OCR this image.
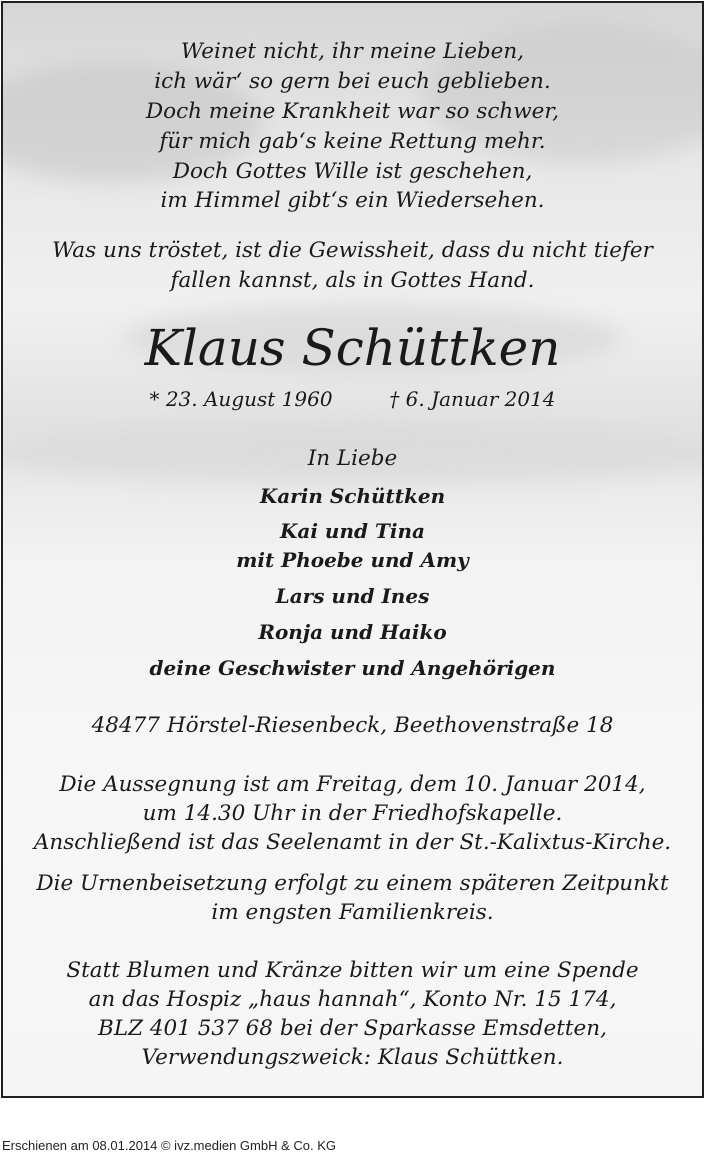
Weinet nicht, ihr meine Lieben,
ich wär‘ so gern bei euch geblieben.
Doch meine Krankheit war so schwer,
für mich gab‘s keine Rettung mehr.
Doch Gottes Wille ist geschehen,
im Himmel gibt‘s ein Wiedersehen.
Was uns tröstet, ist die Gewissheit, dass du nicht tiefer
fallen kannst, als in Gottes Hand.
Klaus Schüttken
* 23. August 1960	† 6. Januar 2014
In Liebe
Karin Schüttken
Kai und Tina
mit Phoebe und Amy
Lars und Ines
Ronja und Haiko
deine Geschwister und Angehörigen
48477 Hörstel-Riesenbeck, Beethovenstraße 18
Die Aussegnung ist am Freitag, dem 10. Januar 2014,
um 14.30 Uhr in der Friedhofskapelle.
Anschließend ist das Seelenamt in der St.-Kalixtus-Kirche.
Die Urnenbeisetzung erfolgt zu einem späteren Zeitpunkt
im engsten Familienkreis.
Statt Blumen und Kränze bitten wir um eine Spende
an das Hospiz „haus hannah“, Konto Nr. 15 174,
BLZ 401 537 68 bei der Sparkasse Emsdetten,
Verwendungszweick: Klaus Schüttken.
Erschienen am 08.01.2014 © ivz.medien GmbH & Co. KG
